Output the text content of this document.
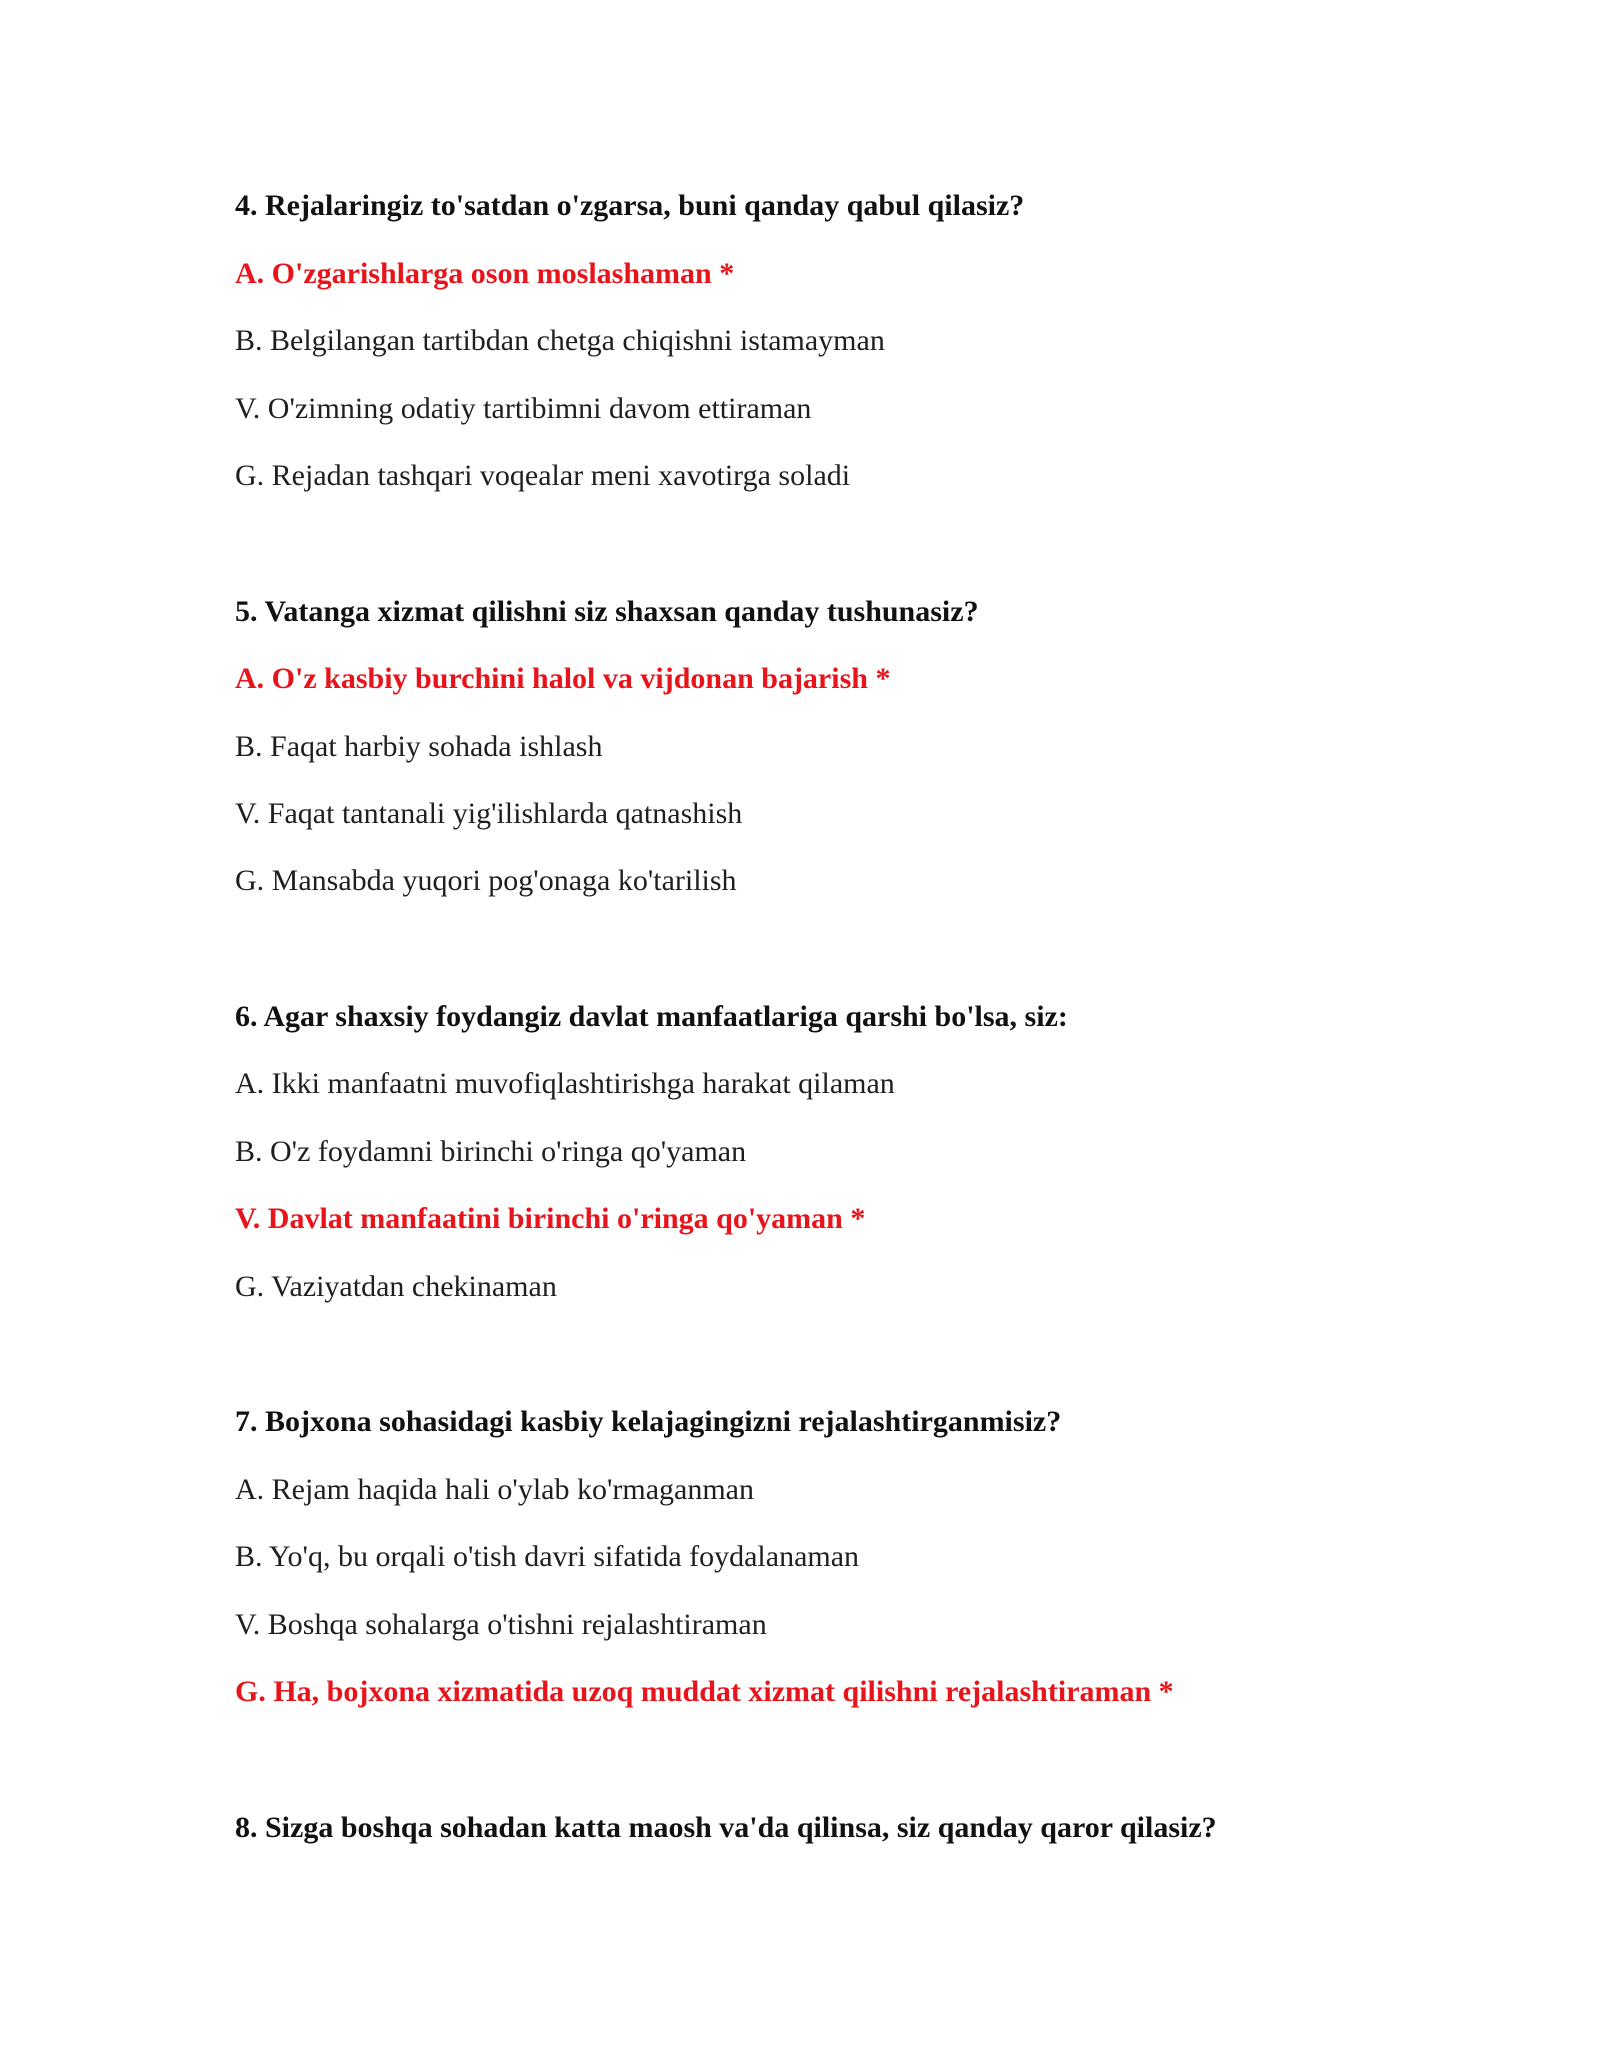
4. Rejalaringiz to'satdan o'zgarsa, buni qanday qabul qilasiz?
A. O'zgarishlarga oson moslashaman *
B. Belgilangan tartibdan chetga chiqishni istamayman
V. O'zimning odatiy tartibimni davom ettiraman
G. Rejadan tashqari voqealar meni xavotirga soladi
5. Vatanga xizmat qilishni siz shaxsan qanday tushunasiz?
A. O'z kasbiy burchini halol va vijdonan bajarish *
B. Faqat harbiy sohada ishlash
V. Faqat tantanali yig'ilishlarda qatnashish
G. Mansabda yuqori pog'onaga ko'tarilish
6. Agar shaxsiy foydangiz davlat manfaatlariga qarshi bo'lsa, siz:
A. Ikki manfaatni muvofiqlashtirishga harakat qilaman
B. O'z foydamni birinchi o'ringa qo'yaman
V. Davlat manfaatini birinchi o'ringa qo'yaman *
G. Vaziyatdan chekinaman
7. Bojxona sohasidagi kasbiy kelajagingizni rejalashtirganmisiz?
A. Rejam haqida hali o'ylab ko'rmaganman
B. Yo'q, bu orqali o'tish davri sifatida foydalanaman
V. Boshqa sohalarga o'tishni rejalashtiraman
G. Ha, bojxona xizmatida uzoq muddat xizmat qilishni rejalashtiraman *
8. Sizga boshqa sohadan katta maosh va'da qilinsa, siz qanday qaror qilasiz?
